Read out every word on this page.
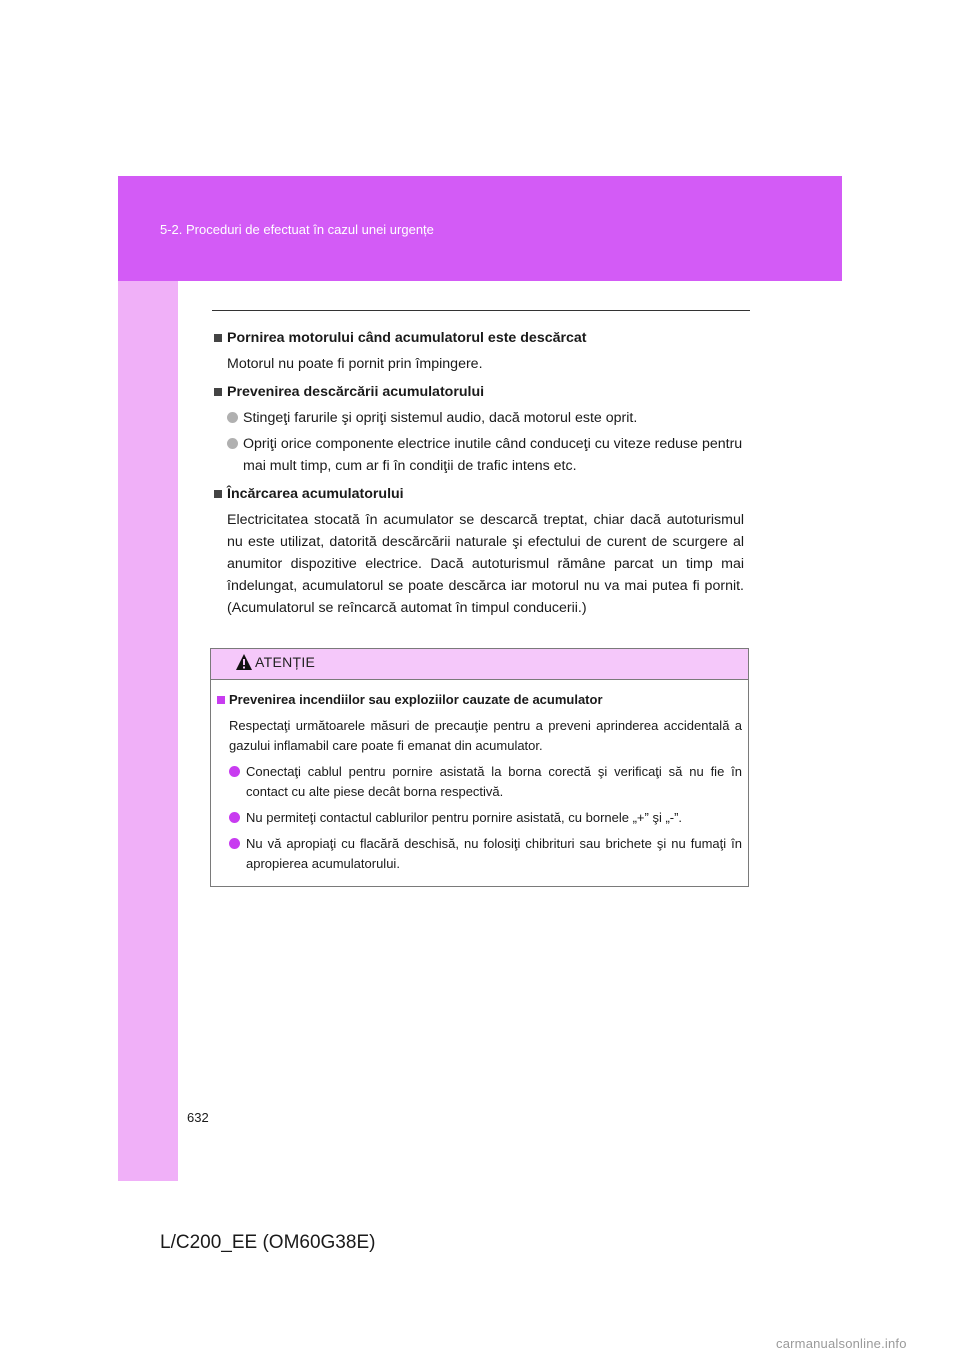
5-2. Proceduri de efectuat în cazul unei urgențe

Pornirea motorului când acumulatorul este descărcat

Motorul nu poate fi pornit prin împingere.

Prevenirea descărcării acumulatorului

Stingeţi farurile şi opriţi sistemul audio, dacă motorul este oprit.
Opriţi orice componente electrice inutile când conduceţi cu viteze reduse pentru mai mult timp, cum ar fi în condiţii de trafic intens etc.

Încărcarea acumulatorului

Electricitatea stocată în acumulator se descarcă treptat, chiar dacă autoturismul nu este utilizat, datorită descărcării naturale şi efectului de curent de scurgere al anumitor dispozitive electrice. Dacă autoturismul rămâne parcat un timp mai îndelungat, acumulatorul se poate descărca iar motorul nu va mai putea fi pornit. (Acumulatorul se reîncarcă automat în timpul conducerii.)

ATENȚIE

Prevenirea incendiilor sau exploziilor cauzate de acumulator

Respectaţi următoarele măsuri de precauţie pentru a preveni aprinderea accidentală a gazului inflamabil care poate fi emanat din acumulator.

Conectaţi cablul pentru pornire asistată la borna corectă şi verificaţi să nu fie în contact cu alte piese decât borna respectivă.
Nu permiteţi contactul cablurilor pentru pornire asistată, cu bornele „+” şi „-”.
Nu vă apropiaţi cu flacără deschisă, nu folosiţi chibrituri sau brichete şi nu fumaţi în apropierea acumulatorului.
632
L/C200_EE (OM60G38E)
carmanualsonline.info
